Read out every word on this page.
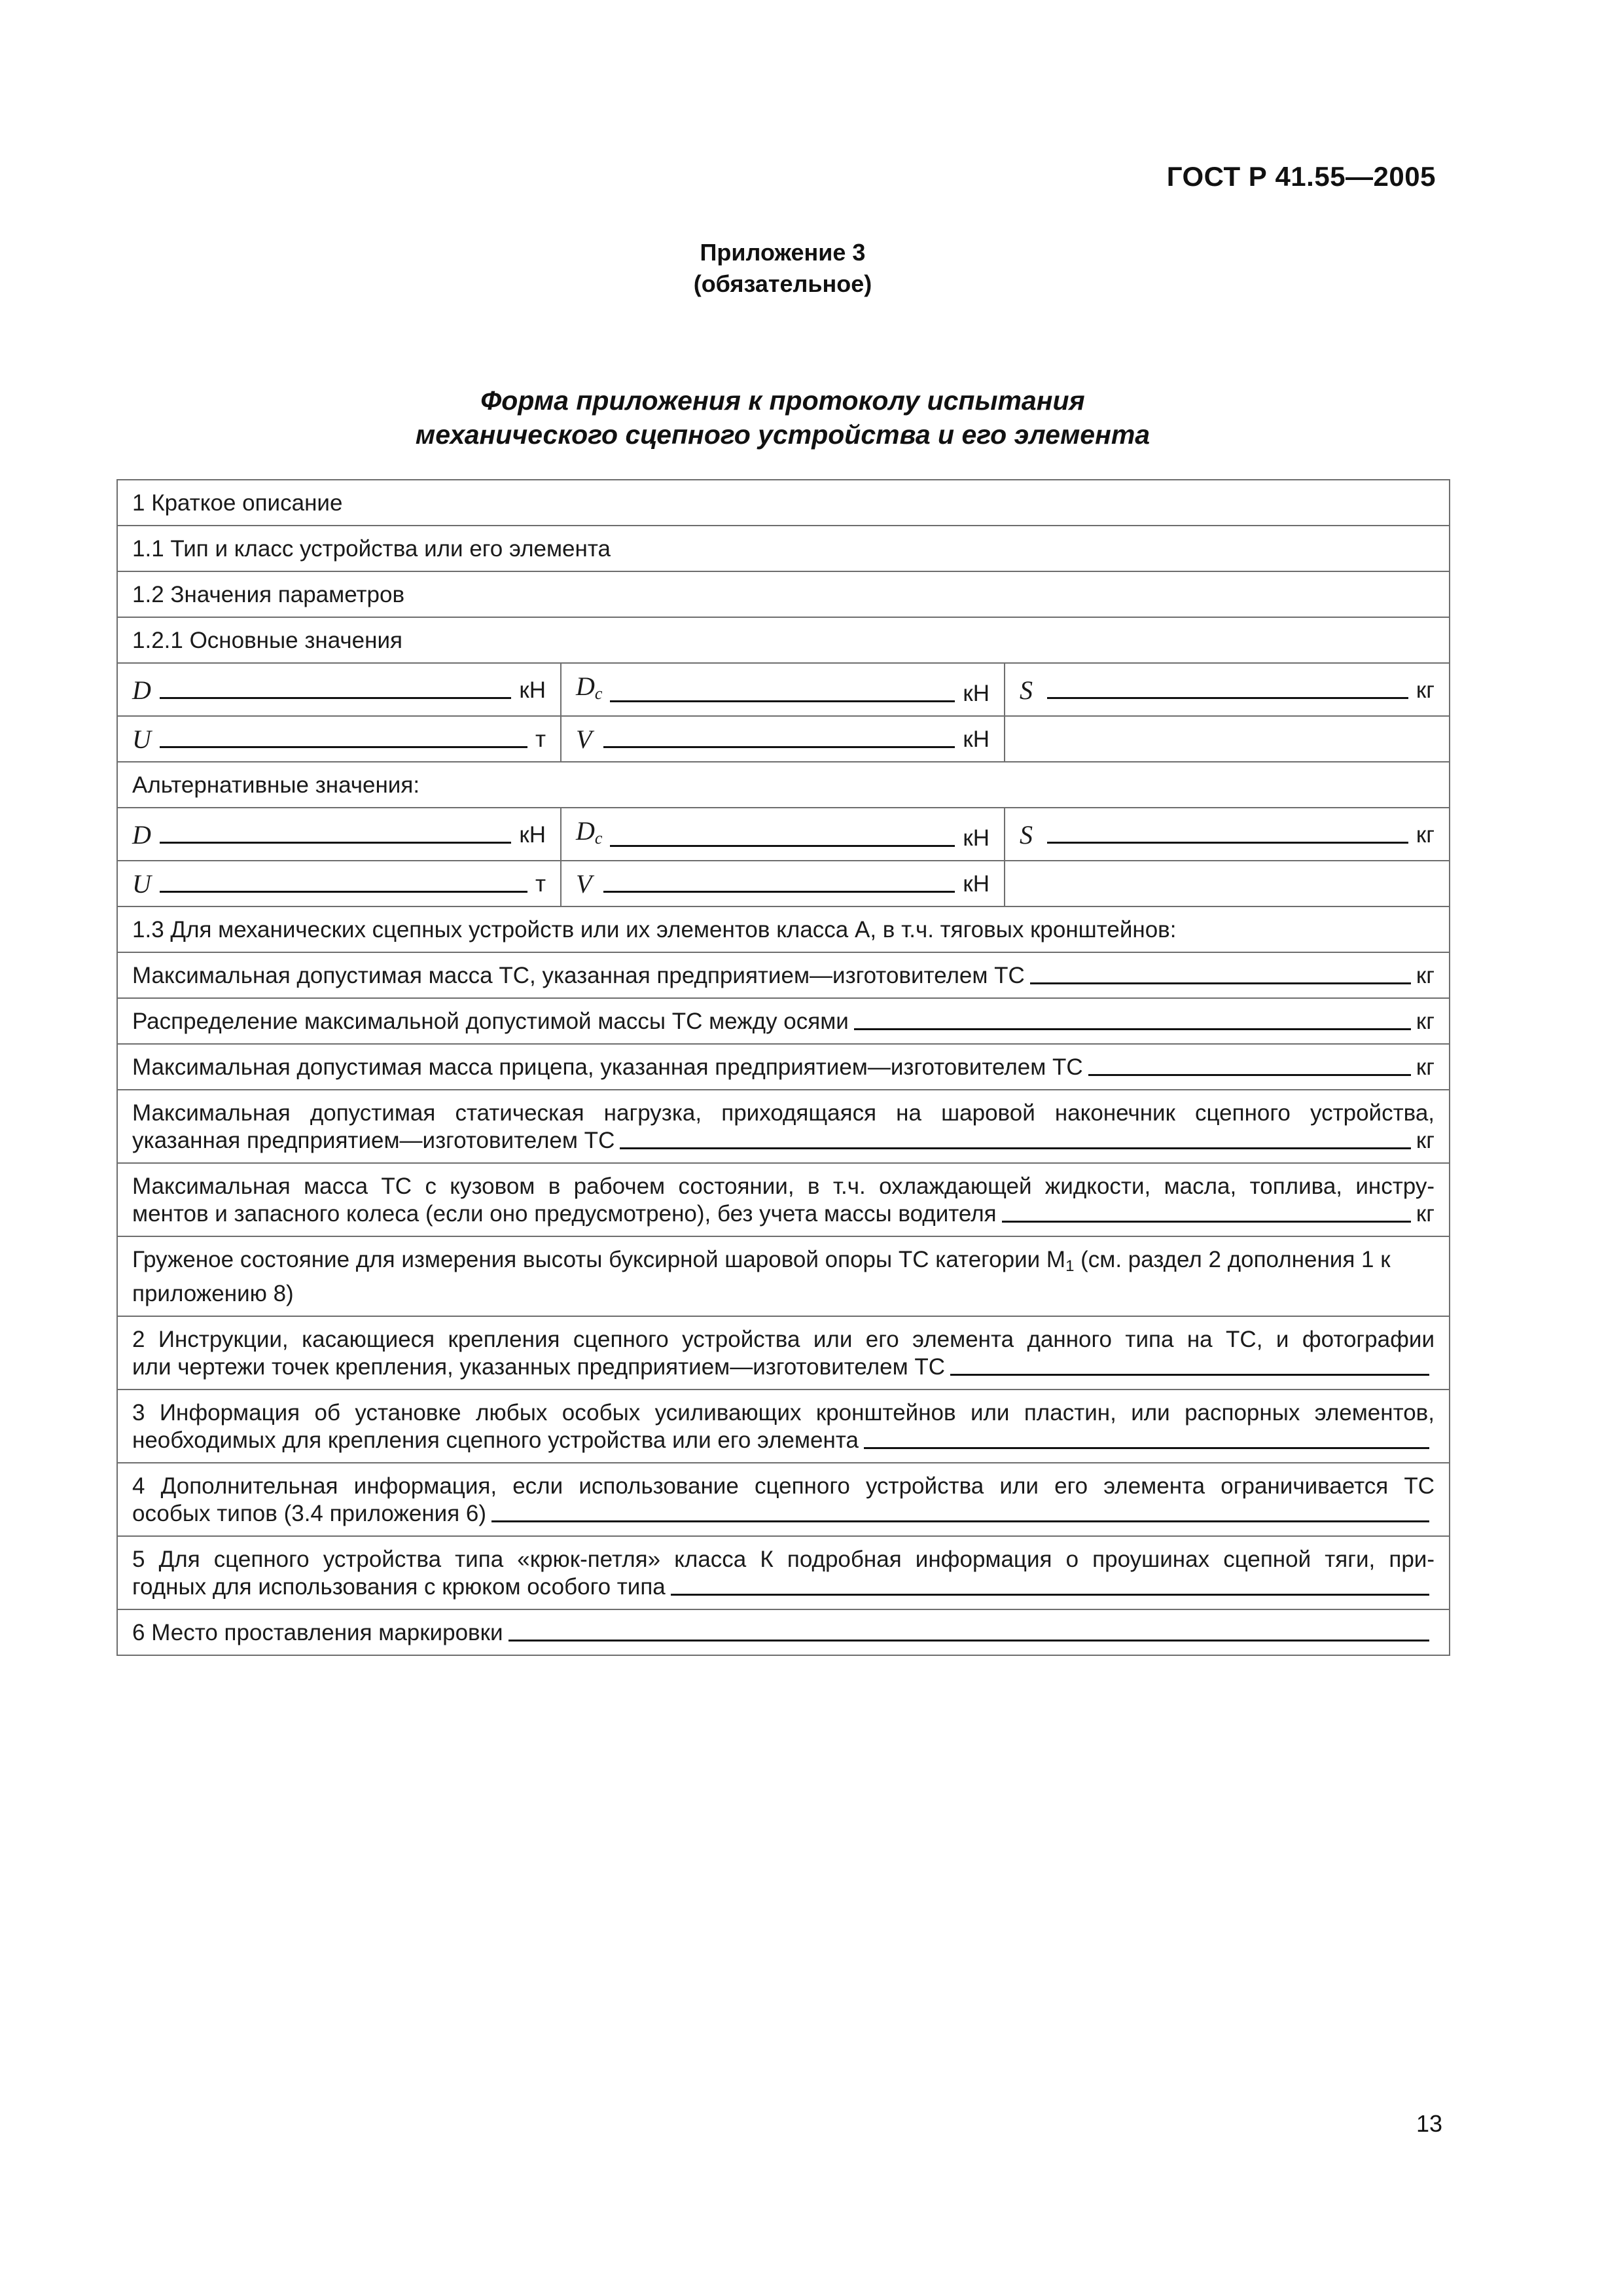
ГОСТ Р 41.55—2005
Приложение 3
(обязательное)
Форма приложения к протоколу испытания
механического сцепного устройства и его элемента
1 Краткое описание		
1.1 Тип и класс устройства или его элемента		
1.2 Значения параметров		
1.2.1 Основные значения		

D кН	$D_c$ кН	S кг

U т	V кН	

Альтернативные значения:		

D кН	$D_c$ кН	S кг

U т	V кН	

1.3 Для механических сцепных устройств или их элементов класса А, в т.ч. тяговых кронштейнов:		

Максимальная допустимая масса ТС, указанная предприятием—изготовителем ТС кг		

Распределение максимальной допустимой массы ТС между осями кг		

Максимальная допустимая масса прицепа, указанная предприятием—изготовителем ТС кг		

Максимальная допустимая статическая нагрузка, приходящаяся на шаровой наконечник сцепного устройства,
указанная предприятием—изготовителем ТС кг		

Максимальная масса ТС с кузовом в рабочем состоянии, в т.ч. охлаждающей жидкости, масла, топлива, инстру-
ментов и запасного колеса (если оно предусмотрено), без учета массы водителя кг		

Груженое состояние для измерения высоты буксирной шаровой опоры ТС категории $М_1$ (см. раздел 2 дополнения 1 к приложению 8)		

2 Инструкции, касающиеся крепления сцепного устройства или его элемента данного типа на ТС, и фотографии
или чертежи точек крепления, указанных предприятием—изготовителем ТС		

3 Информация об установке любых особых усиливающих кронштейнов или пластин, или распорных элементов,
необходимых для крепления сцепного устройства или его элемента		

4 Дополнительная информация, если использование сцепного устройства или его элемента ограничивается ТС
особых типов (3.4 приложения 6)		

5 Для сцепного устройства типа «крюк-петля» класса К подробная информация о проушинах сцепной тяги, при-
годных для использования с крюком особого типа		

6 Место проставления маркировки		
13
